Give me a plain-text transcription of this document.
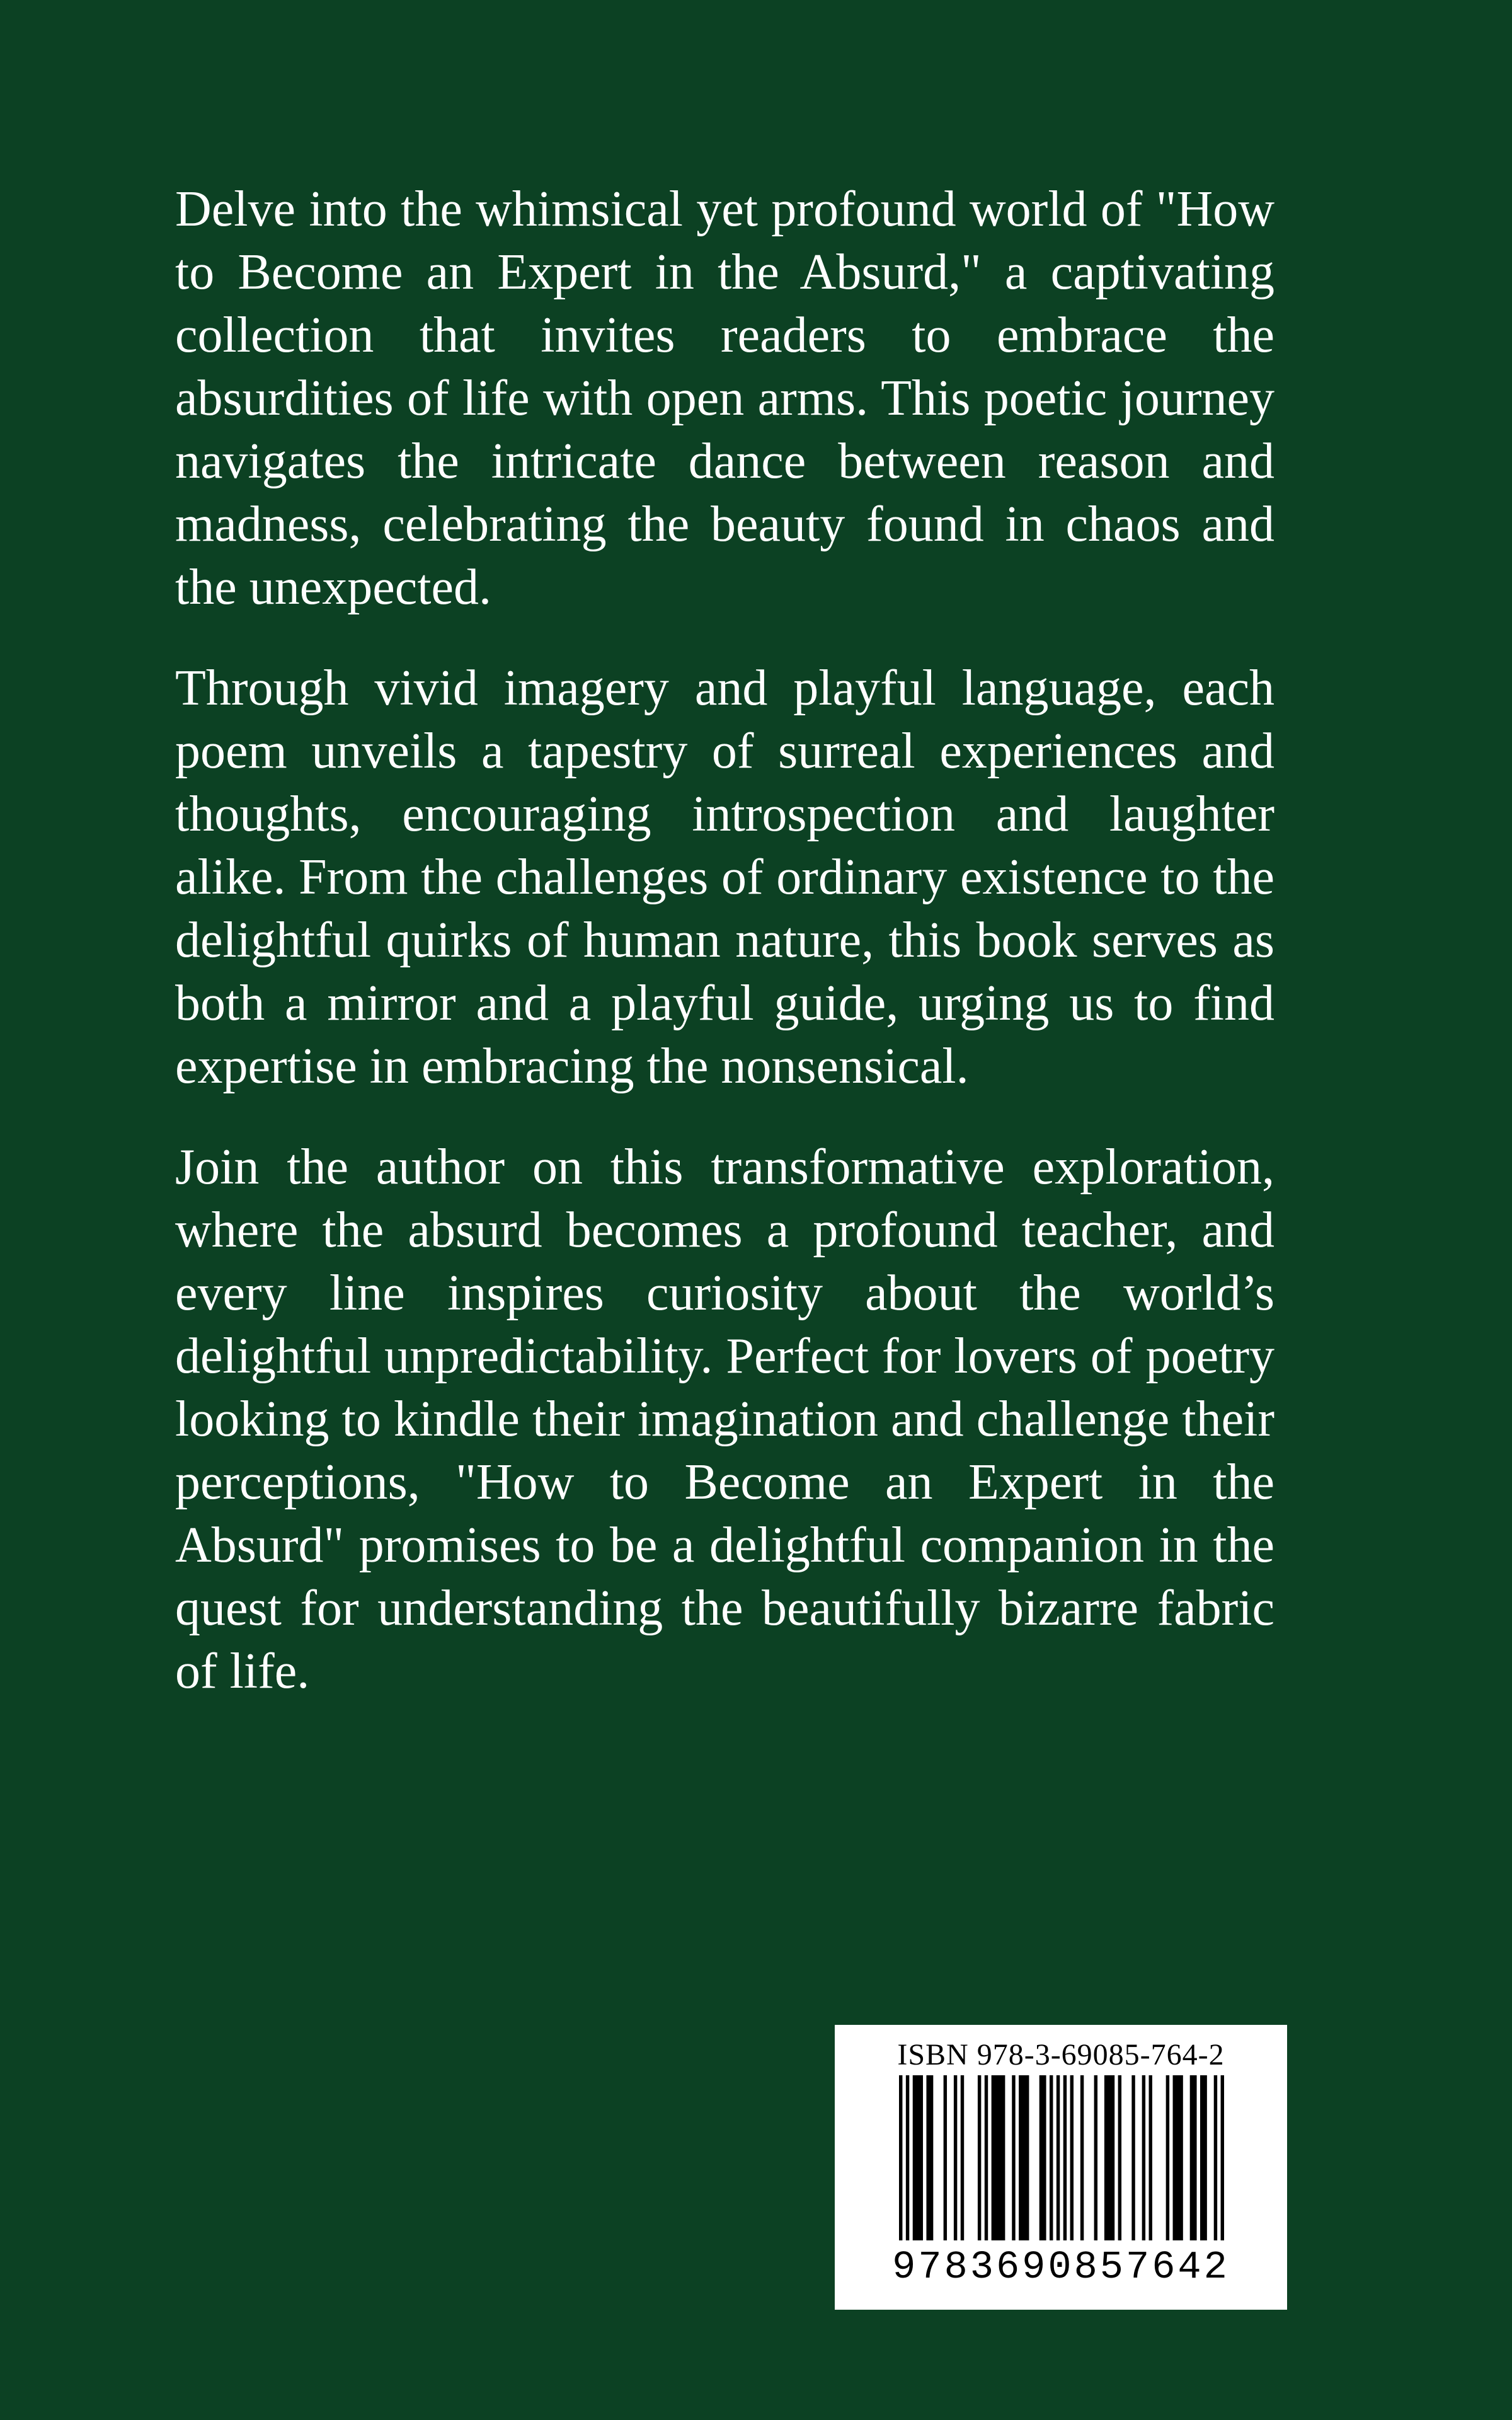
Delve into the whimsical yet profound world of "How to Become an Expert in the Absurd," a captivating collection that invites readers to embrace the absurdities of life with open arms. This poetic journey navigates the intricate dance between reason and madness, celebrating the beauty found in chaos and the unexpected.

Through vivid imagery and playful language, each poem unveils a tapestry of surreal experiences and thoughts, encouraging introspection and laughter alike. From the challenges of ordinary existence to the delightful quirks of human nature, this book serves as both a mirror and a playful guide, urging us to find expertise in embracing the nonsensical.

Join the author on this transformative exploration, where the absurd becomes a profound teacher, and every line inspires curiosity about the world’s delightful unpredictability. Perfect for lovers of poetry looking to kindle their imagination and challenge their perceptions, "How to Become an Expert in the Absurd" promises to be a delightful companion in the quest for understanding the beautifully bizarre fabric of life.

ISBN 978-3-69085-764-2
9783690857642
